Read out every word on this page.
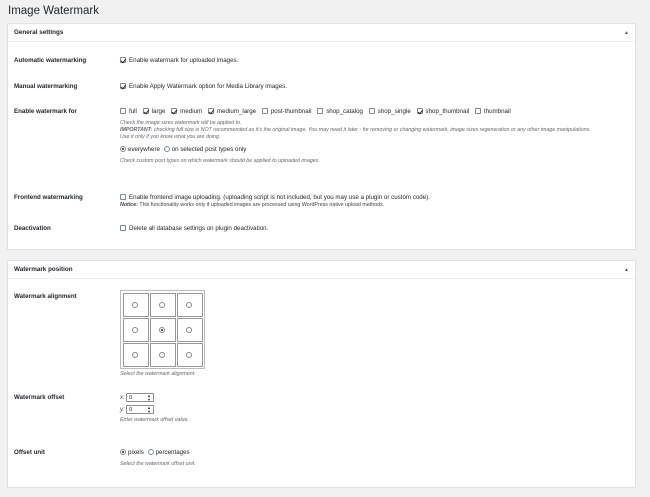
Image Watermark
General settings	▲
Automatic watermarking	Enable watermark for uploaded images.
Manual watermarking	Enable Apply Watermark option for Media Library images.
Enable watermark for	full large medium medium_large post-thumbnail shop_catalog shop_single shop_thumbnail thumbnail
Check the image sizes watermark will be applied to.
IMPORTANT: checking full size is NOT recommended as it's the original image. You may need it later - for removing or changing watermark, image sizes regeneration or any other image manipulations.
Use it only if you know what you are doing.
everywhere on selected post types only
Check custom post types on which watermark should be applied to uploaded images.
Frontend watermarking	Enable frontend image uploading. (uploading script is not included, but you may use a plugin or custom code).
Notice: This functionality works only if uploaded images are processed using WordPress native upload methods.
Deactivation	Delete all database settings on plugin deactivation.
Watermark position	▲
Watermark alignment
Select the watermark alignment.
Watermark offset	x: 0	▲
▼
y: 0	▲
▼
Enter watermark offset value.
Offset unit	pixels percentages
Select the watermark offset unit.
